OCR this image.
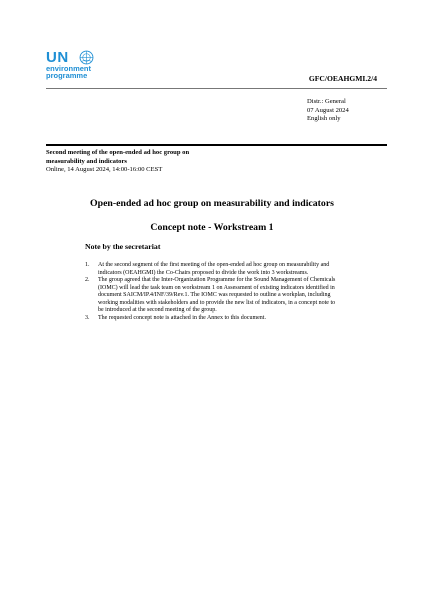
UN
environment
programme	GFC/OEAHGMI.2/4
Distr.: General
07 August 2024
English only
Second meeting of the open-ended ad hoc group on
measurability and indicators
Online, 14 August 2024, 14:00-16:00 CEST
Open-ended ad hoc group on measurability and indicators
Concept note - Workstream 1
Note by the secretariat
1. At the second segment of the first meeting of the open-ended ad hoc group on measurability and
indicators (OEAHGMI) the Co-Chairs proposed to divide the work into 3 workstreams.
2. The group agreed that the Inter-Organization Programme for the Sound Management of Chemicals
(IOMC) will lead the task team on workstream 1 on Assessment of existing indicators identified in
document SAICM/IP.4/INF/39/Rev.1. The IOMC was requested to outline a workplan, including
working modalities with stakeholders and to provide the new list of indicators, in a concept note to
be introduced at the second meeting of the group.
3. The requested concept note is attached in the Annex to this document.
